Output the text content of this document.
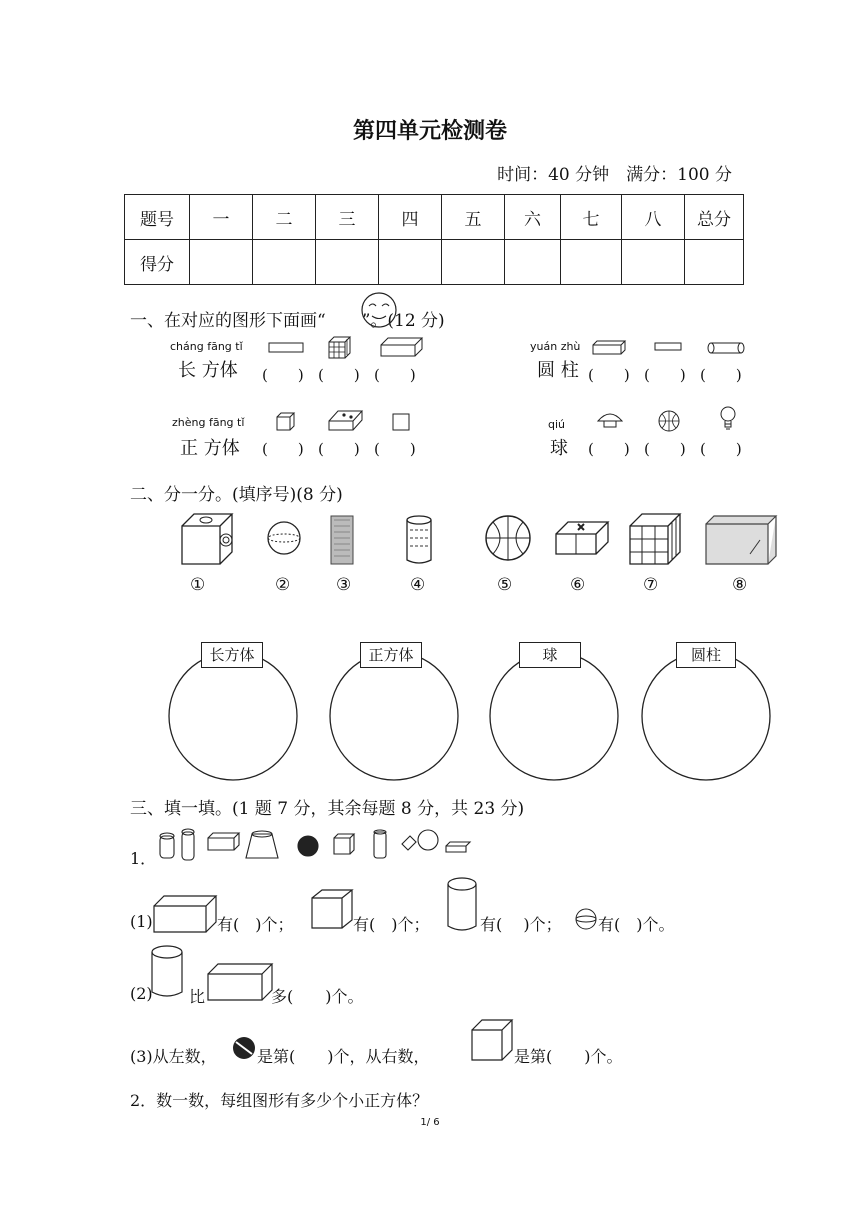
第四单元检测卷
时间：40 分钟　满分：100 分
题号	一	二	三	四	五	六	七	八	总分
得分									
一、在对应的图形下面画“ ”。(12 分)
cháng fāng tǐ
长 方体 (　　) (　　) (　　)
yuán zhù
圆 柱 (　　) (　　) (　　)
zhèng fāng tǐ
正 方体 (　　) (　　) (　　)
qiú
球 (　　) (　　) (　　)
二、分一分。(填序号)(8 分)
①	②	③	④	⑤	⑥	⑦	⑧
长方体	正方体	球	圆柱
三、填一填。(1 题 7 分，其余每题 8 分，共 23 分)
1．
(1)	有(　)个；	有(　)个；	有(　 )个； 有(　)个。
(2) 比	多(　　)个。
(3)从左数，	是第(　　)个，从右数，	是第(　　)个。
2．数一数，每组图形有多少个小正方体？
1/ 6
